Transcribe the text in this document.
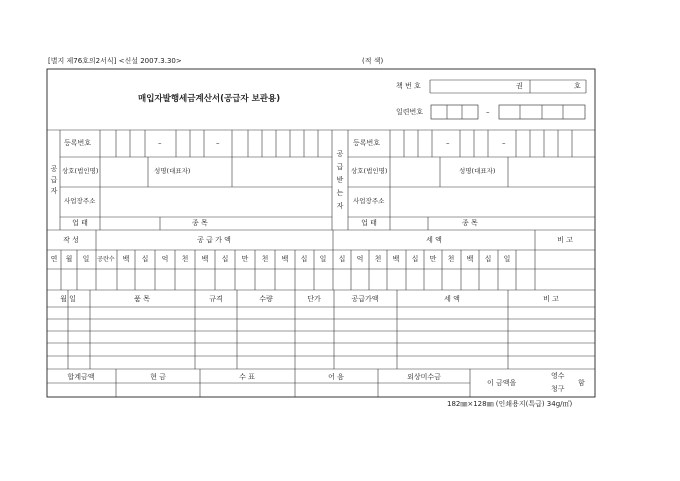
[별지 제76호의2서식] <신설 2007.3.30>	(적 색)
매입자발행세금계산서(공급자 보관용)
책 번 호	권	호
일련번호	–
공
급
자
등록번호	–	–
상호(법인명)	성명(대표자)
사업장주소
업 태	종 목
공
급
받
는
자
등록번호	–	–
상호(법인명)	성명(대표자)
사업장주소
업 태	종 목
작 성	공 급 가 액	세 액	비 고
연 월 일 공란수 백 십 억 천 백 십 만 천 백 십 일 십 억 천 백 십 만 천 백 십 일
월 일	품 목	규격	수량	단가	공급가액	세 액	비 고
합계금액	현 금	수 표	어 음	외상미수금
이 금액을
영수
청구
함
182㎜×128㎜ (인쇄용지(특급) 34g/㎡)
